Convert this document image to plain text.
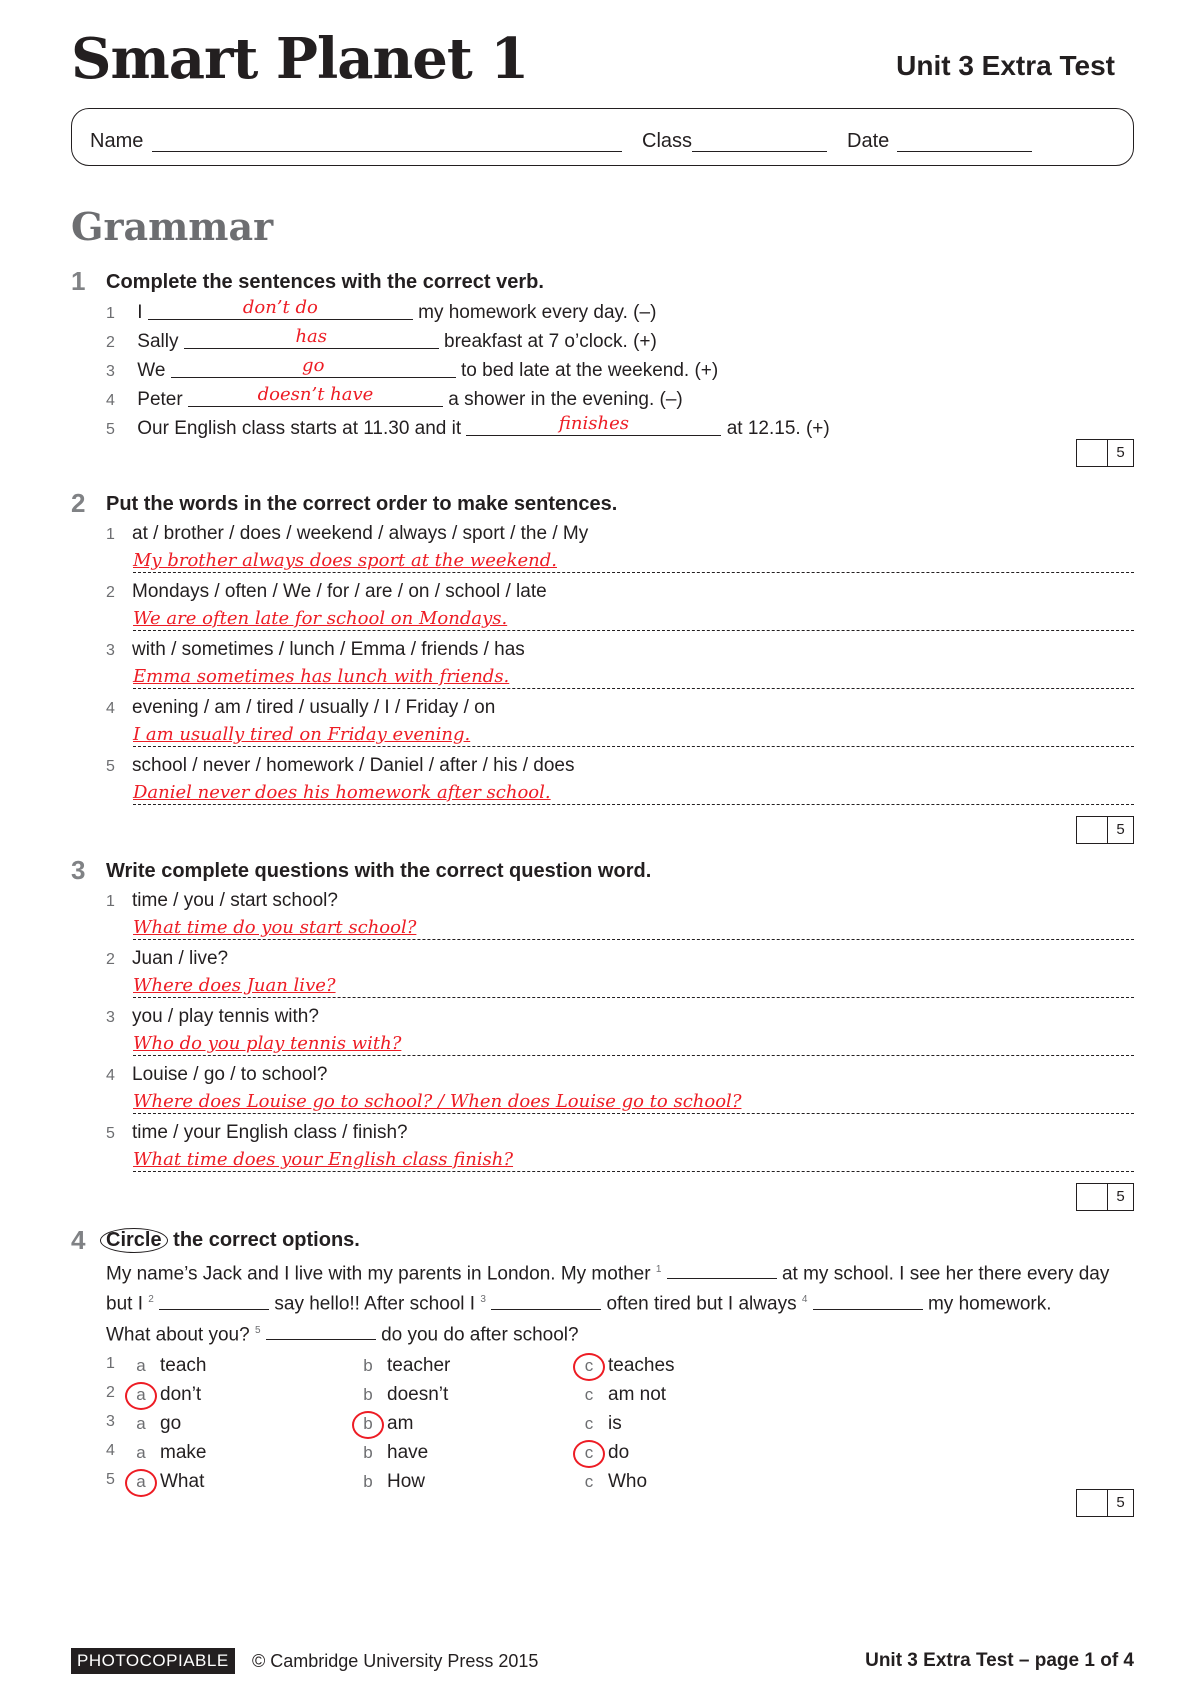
Smart Planet 1	Unit 3 Extra Test
Name	Class	Date
Grammar
1 Complete the sentences with the correct verb.
1 I	don’t do	my homework every day. (–)
2 Sally	has	breakfast at 7 o’clock. (+)
3 We	go	to bed late at the weekend. (+)
4 Peter	doesn’t have	a shower in the evening. (–)
5 Our English class starts at 11.30 and it	finishes	at 12.15. (+)
5
2 Put the words in the correct order to make sentences.
1 at / brother / does / weekend / always / sport / the / My
My brother always does sport at the weekend.
2 Mondays / often / We / for / are / on / school / late
We are often late for school on Mondays.
3 with / sometimes / lunch / Emma / friends / has
Emma sometimes has lunch with friends.
4 evening / am / tired / usually / I / Friday / on
I am usually tired on Friday evening.
5 school / never / homework / Daniel / after / his / does
Daniel never does his homework after school.
5
3 Write complete questions with the correct question word.
1 time / you / start school?
What time do you start school?
2 Juan / live?
Where does Juan live?
3 you / play tennis with?
Who do you play tennis with?
4 Louise / go / to school?
Where does Louise go to school? / When does Louise go to school?
5 time / your English class / finish?
What time does your English class finish?
5
4	Circle the correct options.
My name’s Jack and I live with my parents in London. My mother $^1$	at my school. I see her there every day but I $^2$	say hello!! After school I $^3$	often tired but I always $^4$	my homework.
What about you? $^5$	do you do after school?
1	a teach	b teacher	c teaches
2	a don’t	b doesn’t	c am not
3	a go	b am	c is
4	a make	b have	c do
5	a What	b How	c Who
5
PHOTOCOPIABLE	© Cambridge University Press 2015	Unit 3 Extra Test – page 1 of 4
